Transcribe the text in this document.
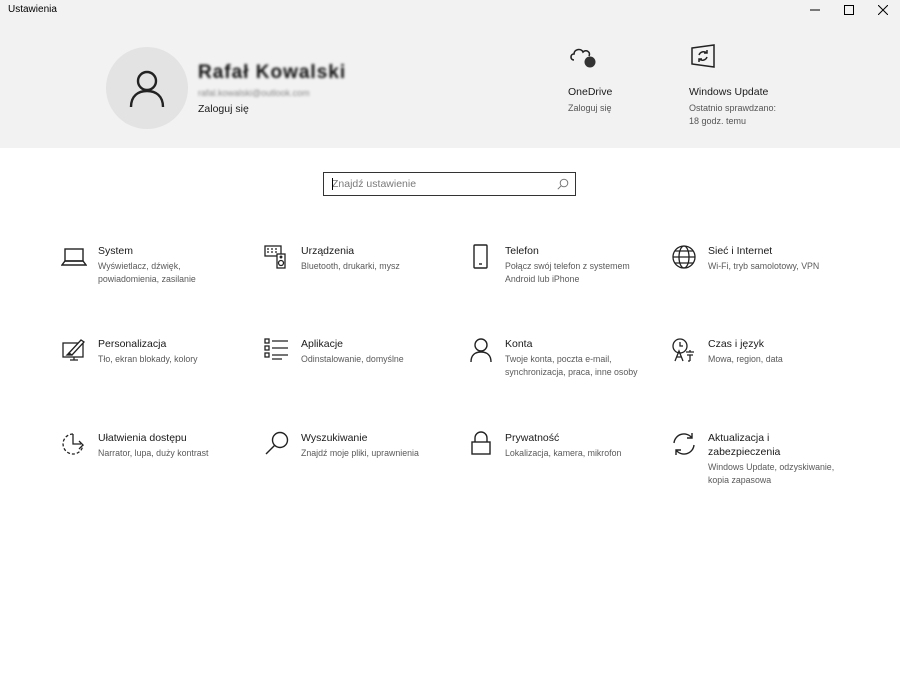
Rafał Kowalski
rafal.kowalski@outlook.com
Zaloguj się
OneDrive
Zaloguj się
Windows Update
Ostatnio sprawdzano: 18 godz. temu
Ustawienia
Znajdź ustawienie
System
Wyświetlacz, dźwięk, powiadomienia, zasilanie
Urządzenia
Bluetooth, drukarki, mysz
Telefon
Połącz swój telefon z systemem Android lub iPhone
Sieć i Internet
Wi-Fi, tryb samolotowy, VPN
Personalizacja
Tło, ekran blokady, kolory
Aplikacje
Odinstalowanie, domyślne
Konta
Twoje konta, poczta e-mail, synchronizacja, praca, inne osoby
Czas i język
Mowa, region, data
Ułatwienia dostępu
Narrator, lupa, duży kontrast
Wyszukiwanie
Znajdź moje pliki, uprawnienia
Prywatność
Lokalizacja, kamera, mikrofon
Aktualizacja i zabezpieczenia
Windows Update, odzyskiwanie, kopia zapasowa
